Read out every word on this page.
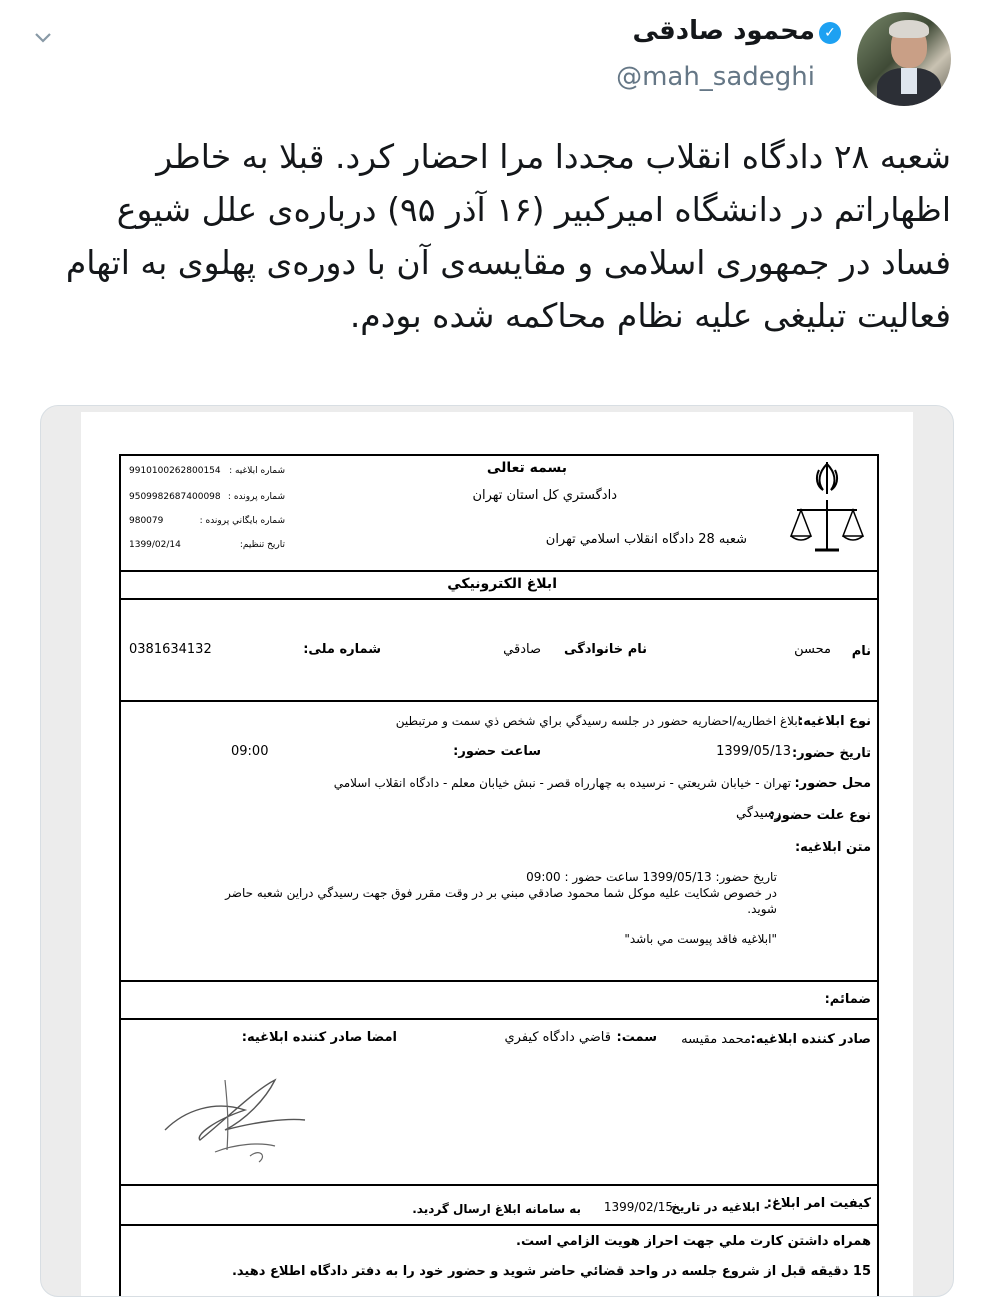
محمود صادقی ✓
@mah_sadeghi
شعبه ۲۸ دادگاه انقلاب مجددا مرا احضار کرد. قبلا به خاطر اظهاراتم در دانشگاه امیرکبیر (۱۶ آذر ۹۵) درباره‌ی علل شیوع فساد در جمهوری اسلامی و مقایسه‌ی آن با دوره‌ی پهلوی به اتهام فعالیت تبلیغی علیه نظام محاکمه شده بودم.
بسمه تعالی
دادگستري كل استان تهران
شعبه 28 دادگاه انقلاب اسلامي تهران
شماره ابلاغيه :
9910100262800154
شماره پرونده :
9509982687400098
شماره بايگاني پرونده :
980079
تاريخ تنظيم:
1399/02/14
ابلاغ الكترونيكي
نام
محسن
نام خانوادگی
صادقي
شماره ملی:
0381634132
نوع ابلاغيه:
ابلاغ اخطاريه/احضاريه حضور در جلسه رسيدگي براي شخص ذي سمت و مرتبطين
تاريخ حضور:
1399/05/13
ساعت حضور:
09:00
محل حضور:
تهران - خيابان شريعتي - نرسيده به چهارراه قصر - نبش خيابان معلم - دادگاه انقلاب اسلامي
نوع علت حضور:
رسيدگي
متن ابلاغيه:
تاريخ حضور: 1399/05/13 ساعت حضور : 09:00
در خصوص شكايت عليه موكل شما محمود صادقي مبني بر در وقت مقرر فوق جهت رسيدگي دراين شعبه حاضر
شويد.
"ابلاغيه فاقد پيوست مي باشد"
ضمائم:
صادر كننده ابلاغيه:
محمد مقيسه
سمت:
قاضي دادگاه كيفري
امضا صادر كننده ابلاغيه:
كيفيت امر ابلاغ:
- ابلاغيه در تاريخ
1399/02/15
به سامانه ابلاغ ارسال گرديد.
همراه داشتن كارت ملي جهت احراز هويت الزامي است.
15 دقيقه قبل از شروع جلسه در واحد قضائي حاضر شويد و حضور خود را به دفتر دادگاه اطلاع دهيد.
